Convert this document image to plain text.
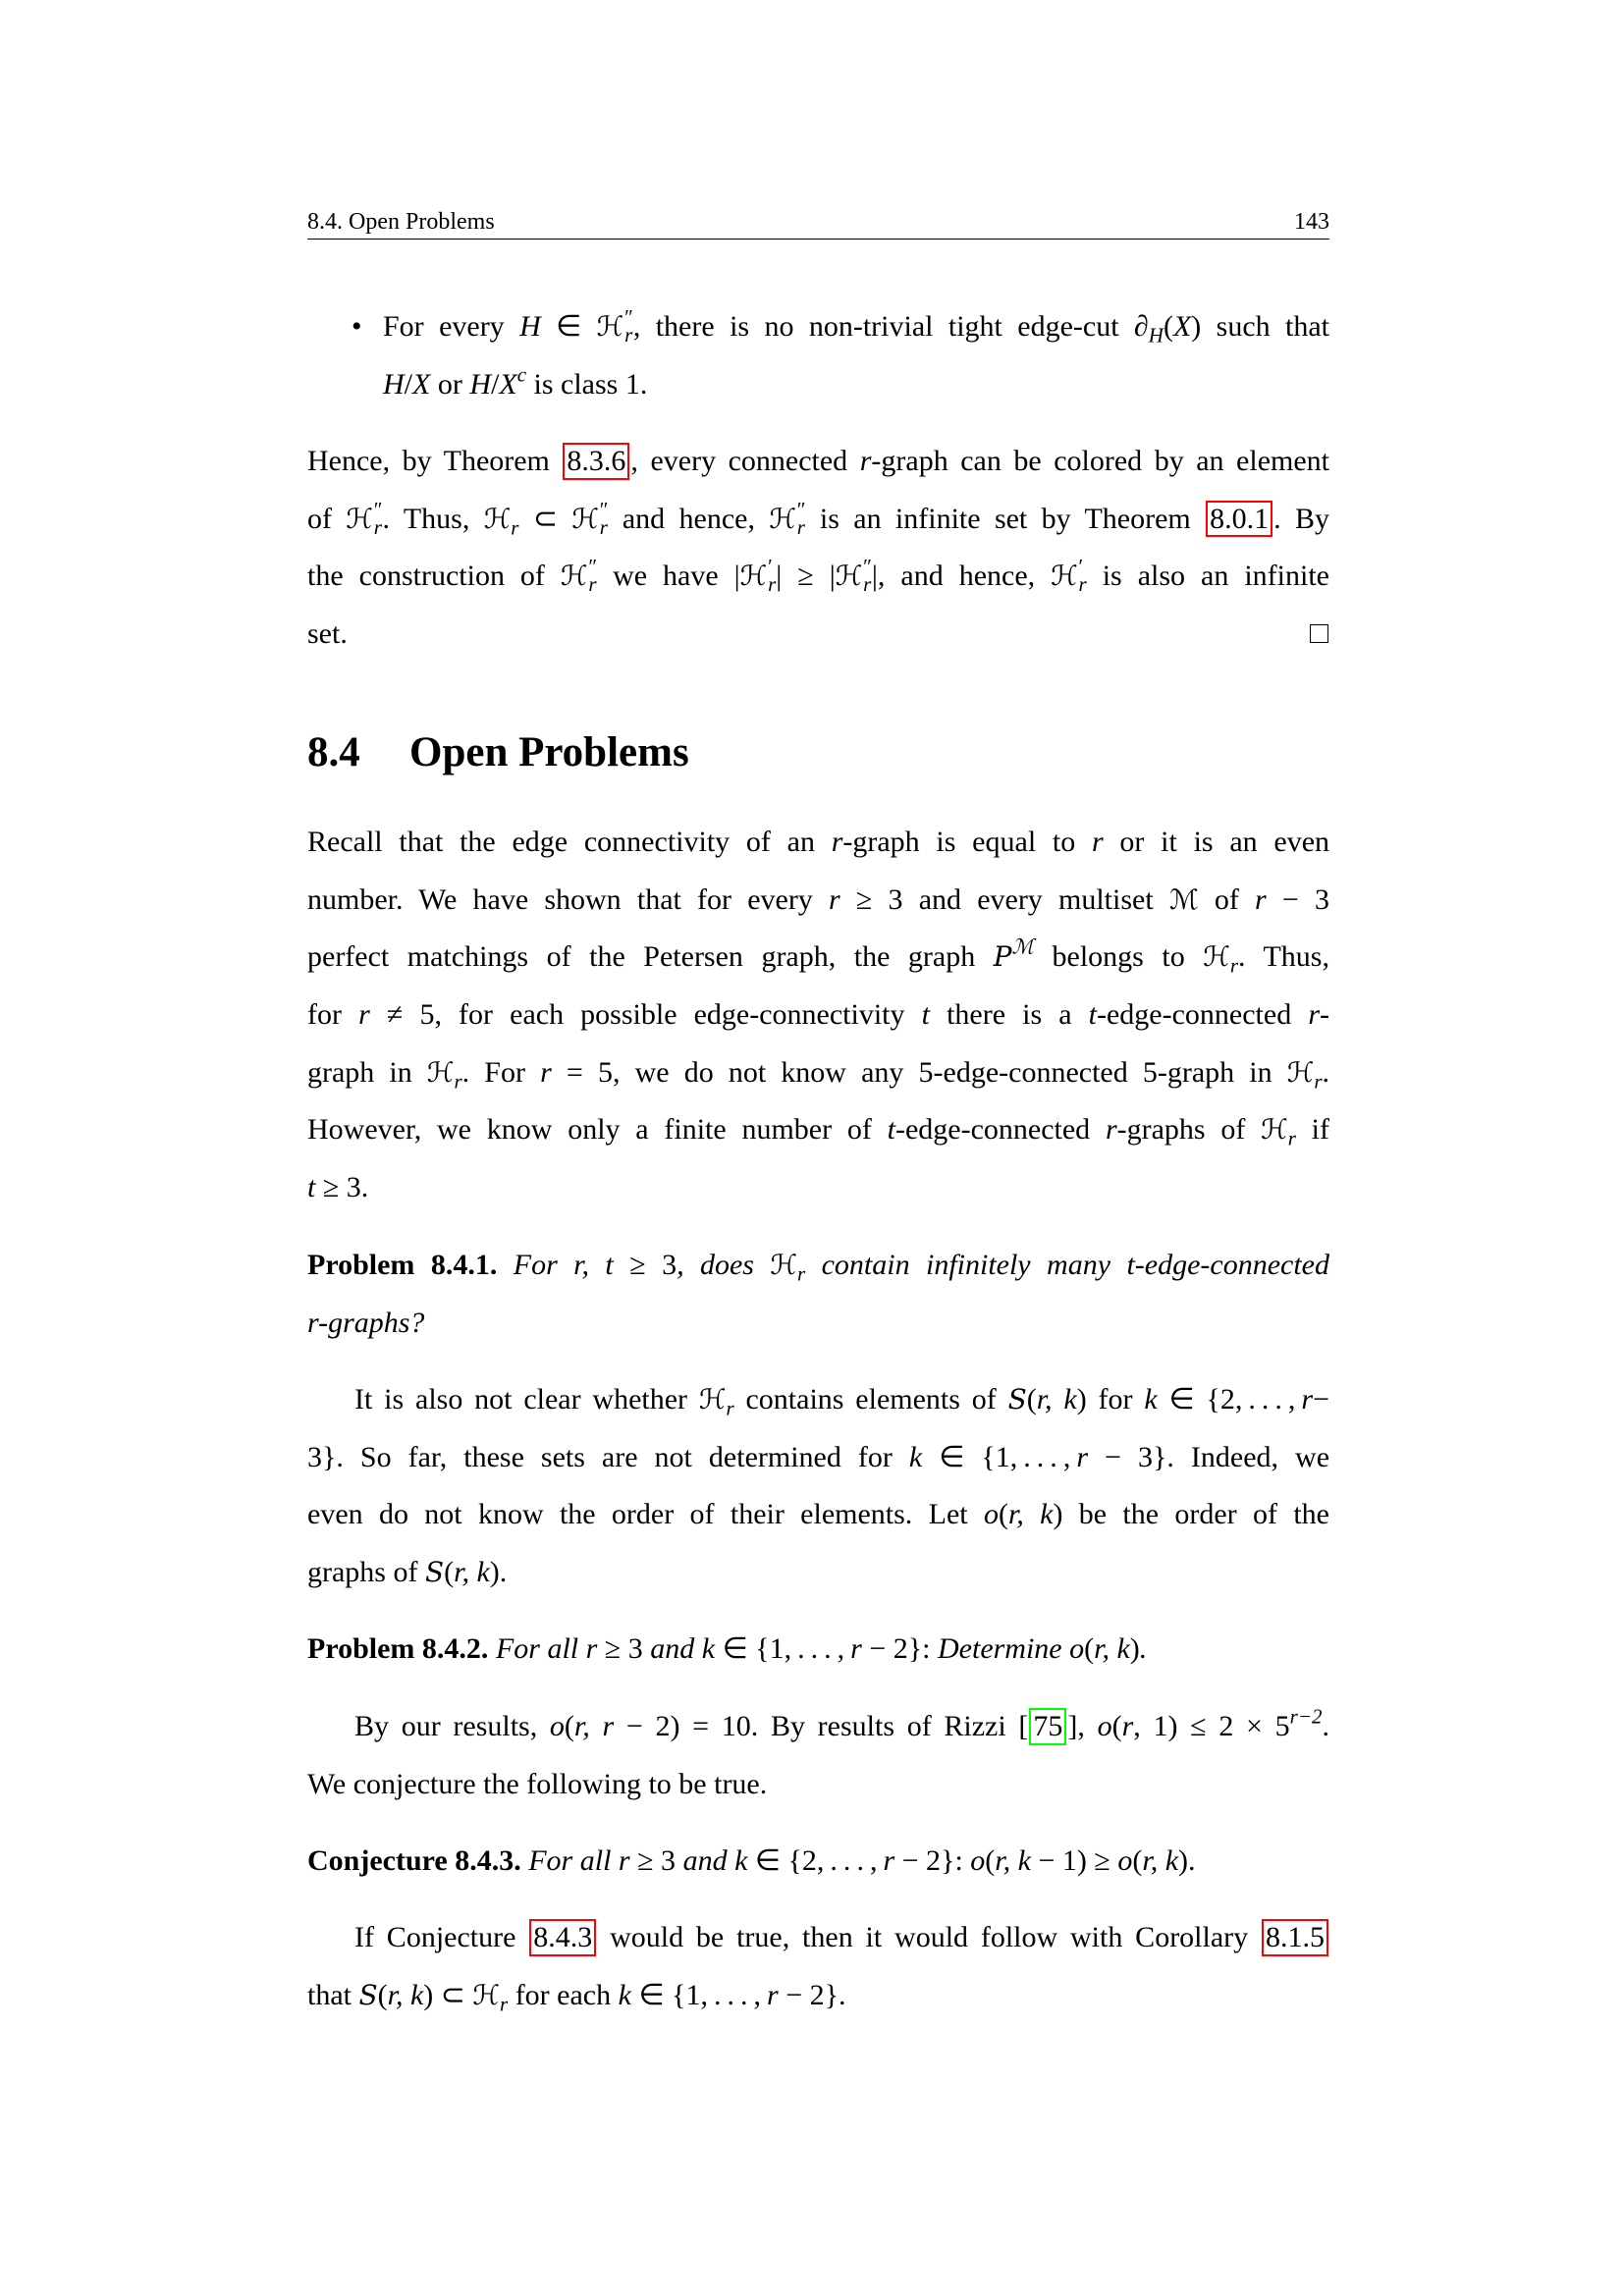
8.4. Open Problems	143
• For every H ∈ ℋ ″
r , there is no non-trivial tight edge-cut $\partial_H(X)$ such that
H/X or $H/X^c$ is class 1.
Hence, by Theorem 8.3.6 , every connected r-graph can be colored by an element
of ℋ ″
r . Thus, ℋ$_r$ ⊂ ℋ ″
r and hence, ℋ ″
r is an infinite set by Theorem 8.0.1 . By
the construction of ℋ ″
r we have |ℋ ′
r | ≥ |ℋ ″
r |, and hence, ℋ ′
r is also an infinite
set.
8.4 Open Problems
Recall that the edge connectivity of an r-graph is equal to r or it is an even
number. We have shown that for every r ≥ 3 and every multiset ℳ of r − 3
perfect matchings of the Petersen graph, the graph $P^ℳ$ belongs to ℋ$_r$. Thus,
for r ≠ 5, for each possible edge-connectivity t there is a t-edge-connected r-
graph in ℋ$_r$. For r = 5, we do not know any 5-edge-connected 5-graph in ℋ$_r$.
However, we know only a finite number of t-edge-connected r-graphs of ℋ$_r$ if
t ≥ 3.
Problem 8.4.1. For r, t ≥ 3, does ℋ$_r$ contain infinitely many t-edge-connected
r-graphs?
It is also not clear whether ℋ$_r$ contains elements of S(r, k) for k ∈ {2, . . . , r−
3}. So far, these sets are not determined for k ∈ {1, . . . , r − 3}. Indeed, we
even do not know the order of their elements. Let o(r, k) be the order of the
graphs of S(r, k).
Problem 8.4.2. For all r ≥ 3 and k ∈ {1, . . . , r − 2}: Determine o(r, k).
By our results, o(r, r − 2) = 10. By results of Rizzi [ 75 ], o(r, $1) \le 2 \times 5^{r-2}$.
We conjecture the following to be true.
Conjecture 8.4.3. For all r ≥ 3 and k ∈ {2, . . . , r − 2}: o(r, k − 1) ≥ o(r, k).
If Conjecture 8.4.3 would be true, then it would follow with Corollary 8.1.5
that S(r, k) ⊂ ℋ$_r$ for each k ∈ {1, . . . , r − 2}.
